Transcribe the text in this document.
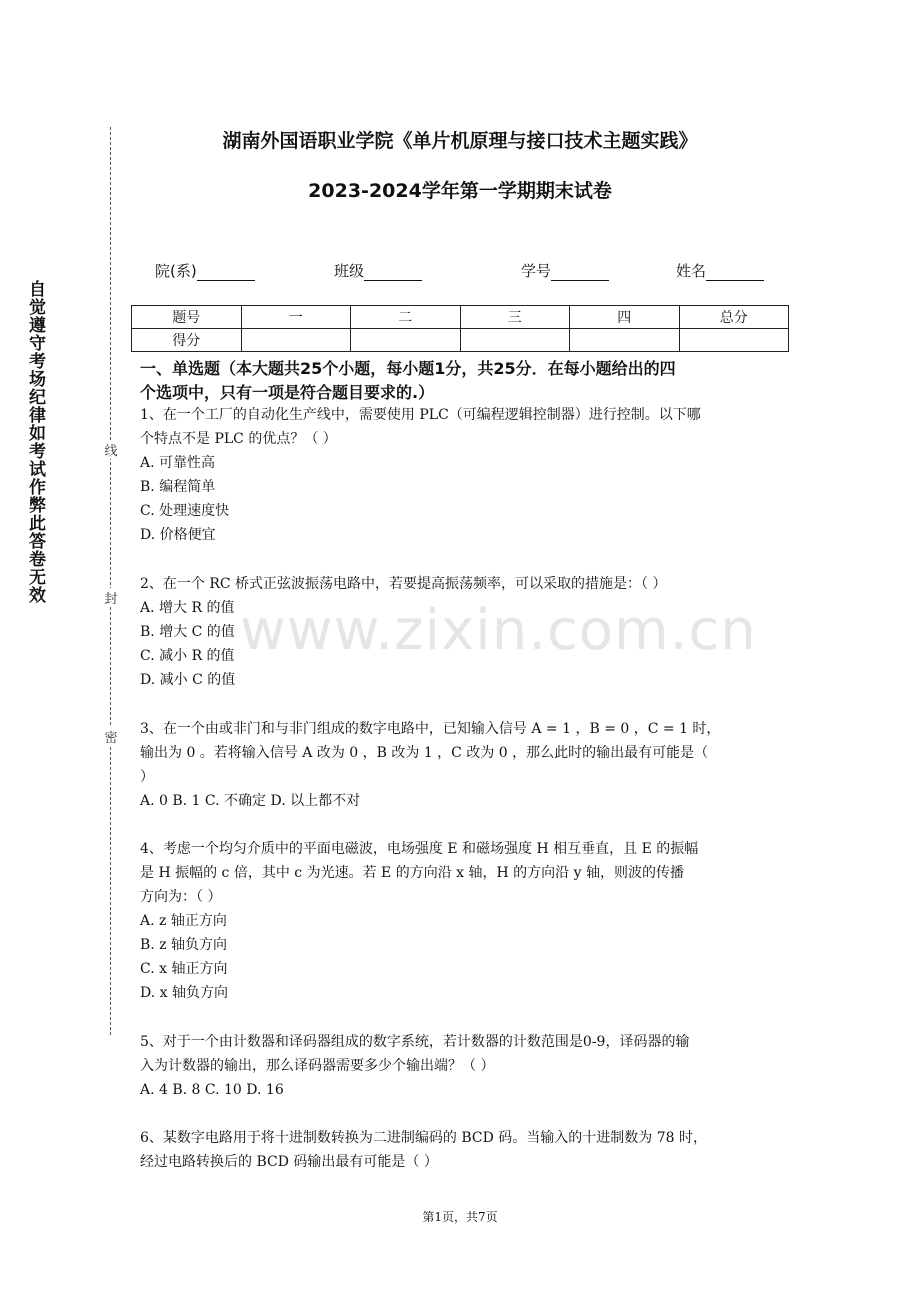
自觉遵守考场纪律如考试作弊此答卷无效	线
封
密
湖南外国语职业学院《单片机原理与接口技术主题实践》
2023-2024学年第一学期期末试卷
院(系)	班级	学号	姓名
题号	一	二	三	四	总分
得分					
一、单选题（本大题共25个小题，每小题1分，共25分．在每小题给出的四
个选项中，只有一项是符合题目要求的.）
www.zixin.com.cn

1、在一个工厂的自动化生产线中，需要使用 PLC（可编程逻辑控制器）进行控制。以下哪

个特点不是 PLC 的优点？（ ）

A. 可靠性高

B. 编程简单

C. 处理速度快

D. 价格便宜

2、在一个 RC 桥式正弦波振荡电路中，若要提高振荡频率，可以采取的措施是：（ ）

A. 增大 R 的值

B. 增大 C 的值

C. 减小 R 的值

D. 减小 C 的值

3、在一个由或非门和与非门组成的数字电路中，已知输入信号 A = 1 ，B = 0 ，C = 1 时，

输出为 0 。若将输入信号 A 改为 0 ，B 改为 1 ，C 改为 0 ，那么此时的输出最有可能是（

）

A. 0 B. 1 C. 不确定 D. 以上都不对

4、考虑一个均匀介质中的平面电磁波，电场强度 E 和磁场强度 H 相互垂直，且 E 的振幅

是 H 振幅的 c 倍，其中 c 为光速。若 E 的方向沿 x 轴，H 的方向沿 y 轴，则波的传播

方向为：（ ）

A. z 轴正方向

B. z 轴负方向

C. x 轴正方向

D. x 轴负方向

5、对于一个由计数器和译码器组成的数字系统，若计数器的计数范围是0-9，译码器的输

入为计数器的输出，那么译码器需要多少个输出端？（ ）

A. 4 B. 8 C. 10 D. 16

6、某数字电路用于将十进制数转换为二进制编码的 BCD 码。当输入的十进制数为 78 时，

经过电路转换后的 BCD 码输出最有可能是（ ）

第1页，共7页
